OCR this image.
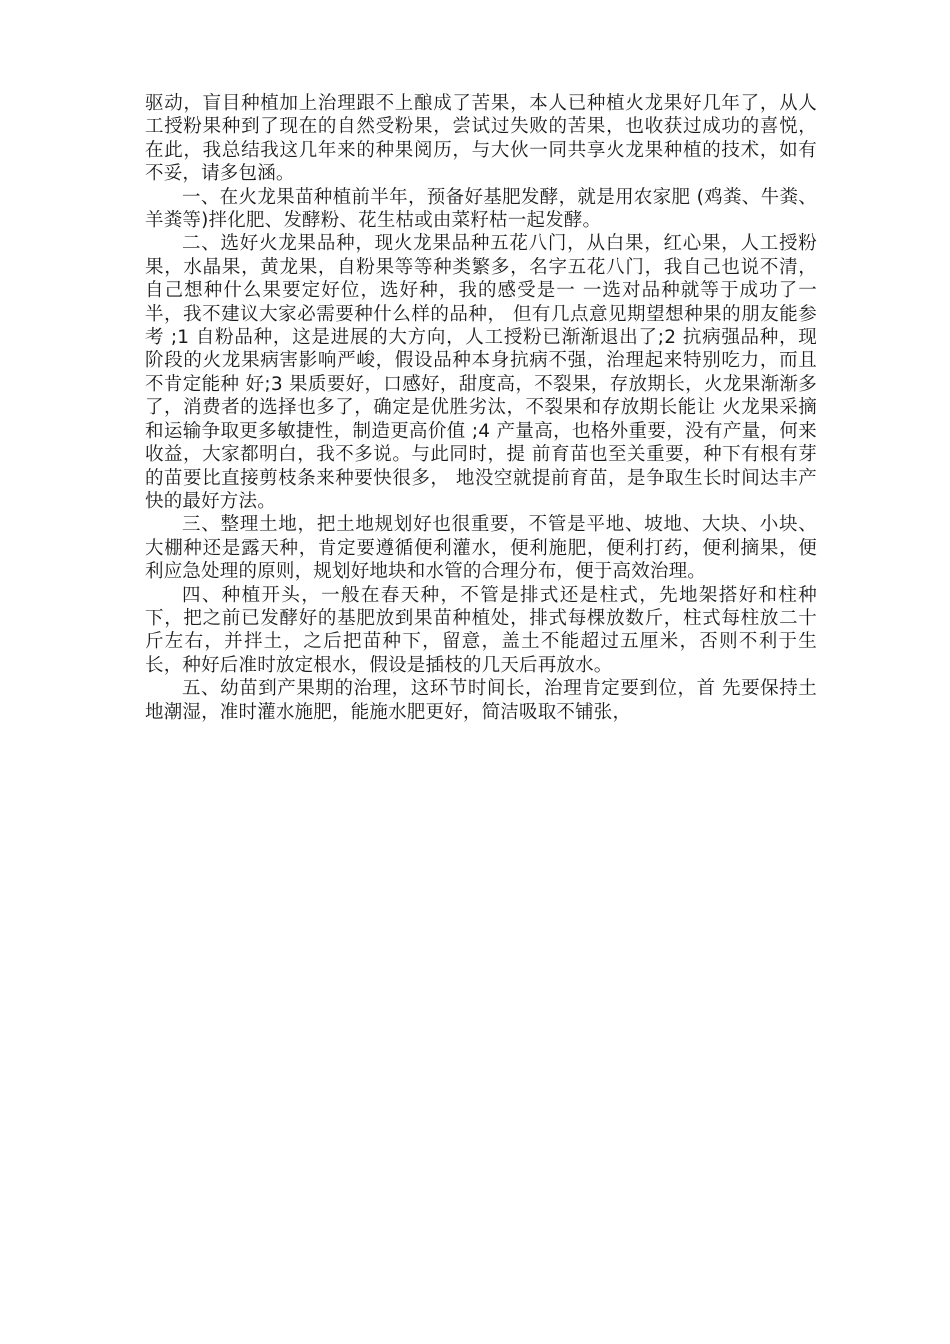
驱动，盲目种植加上治理跟不上酿成了苦果，本人已种植火龙果好几年了，从人工授粉果种到了现在的自然受粉果，尝试过失败的苦果，也收获过成功的喜悦，在此，我总结我这几年来的种果阅历，与大伙一同共享火龙果种植的技术，如有不妥，请多包涵。

一、在火龙果苗种植前半年，预备好基肥发酵，就是用农家肥 (鸡粪、牛粪、羊粪等)拌化肥、发酵粉、花生枯或由菜籽枯一起发酵。

二、选好火龙果品种，现火龙果品种五花八门，从白果，红心果，人工授粉果，水晶果，黄龙果，自粉果等等种类繁多，名字五花八门，我自己也说不清，自己想种什么果要定好位，选好种，我的感受是一 一选对品种就等于成功了一半，我不建议大家必需要种什么样的品种， 但有几点意见期望想种果的朋友能参考 ;1 自粉品种，这是进展的大方向，人工授粉已渐渐退出了;2 抗病强品种，现阶段的火龙果病害影响严峻，假设品种本身抗病不强，治理起来特别吃力，而且不肯定能种 好;3 果质要好，口感好，甜度高，不裂果，存放期长，火龙果渐渐多了，消费者的选择也多了，确定是优胜劣汰，不裂果和存放期长能让 火龙果采摘和运输争取更多敏捷性，制造更高价值 ;4 产量高，也格外重要，没有产量，何来收益，大家都明白，我不多说。与此同时，提 前育苗也至关重要，种下有根有芽的苗要比直接剪枝条来种要快很多， 地没空就提前育苗，是争取生长时间达丰产快的最好方法。

三、整理土地，把土地规划好也很重要，不管是平地、坡地、大块、小块、大棚种还是露天种，肯定要遵循便利灌水，便利施肥，便利打药，便利摘果，便利应急处理的原则，规划好地块和水管的合理分布，便于高效治理。

四、种植开头，一般在春天种，不管是排式还是柱式，先地架搭好和柱种下，把之前已发酵好的基肥放到果苗种植处，排式每棵放数斤，柱式每柱放二十斤左右，并拌土，之后把苗种下，留意，盖土不能超过五厘米，否则不利于生长，种好后准时放定根水，假设是插枝的几天后再放水。

五、幼苗到产果期的治理，这环节时间长，治理肯定要到位，首 先要保持土地潮湿，准时灌水施肥，能施水肥更好，简洁吸取不铺张，
